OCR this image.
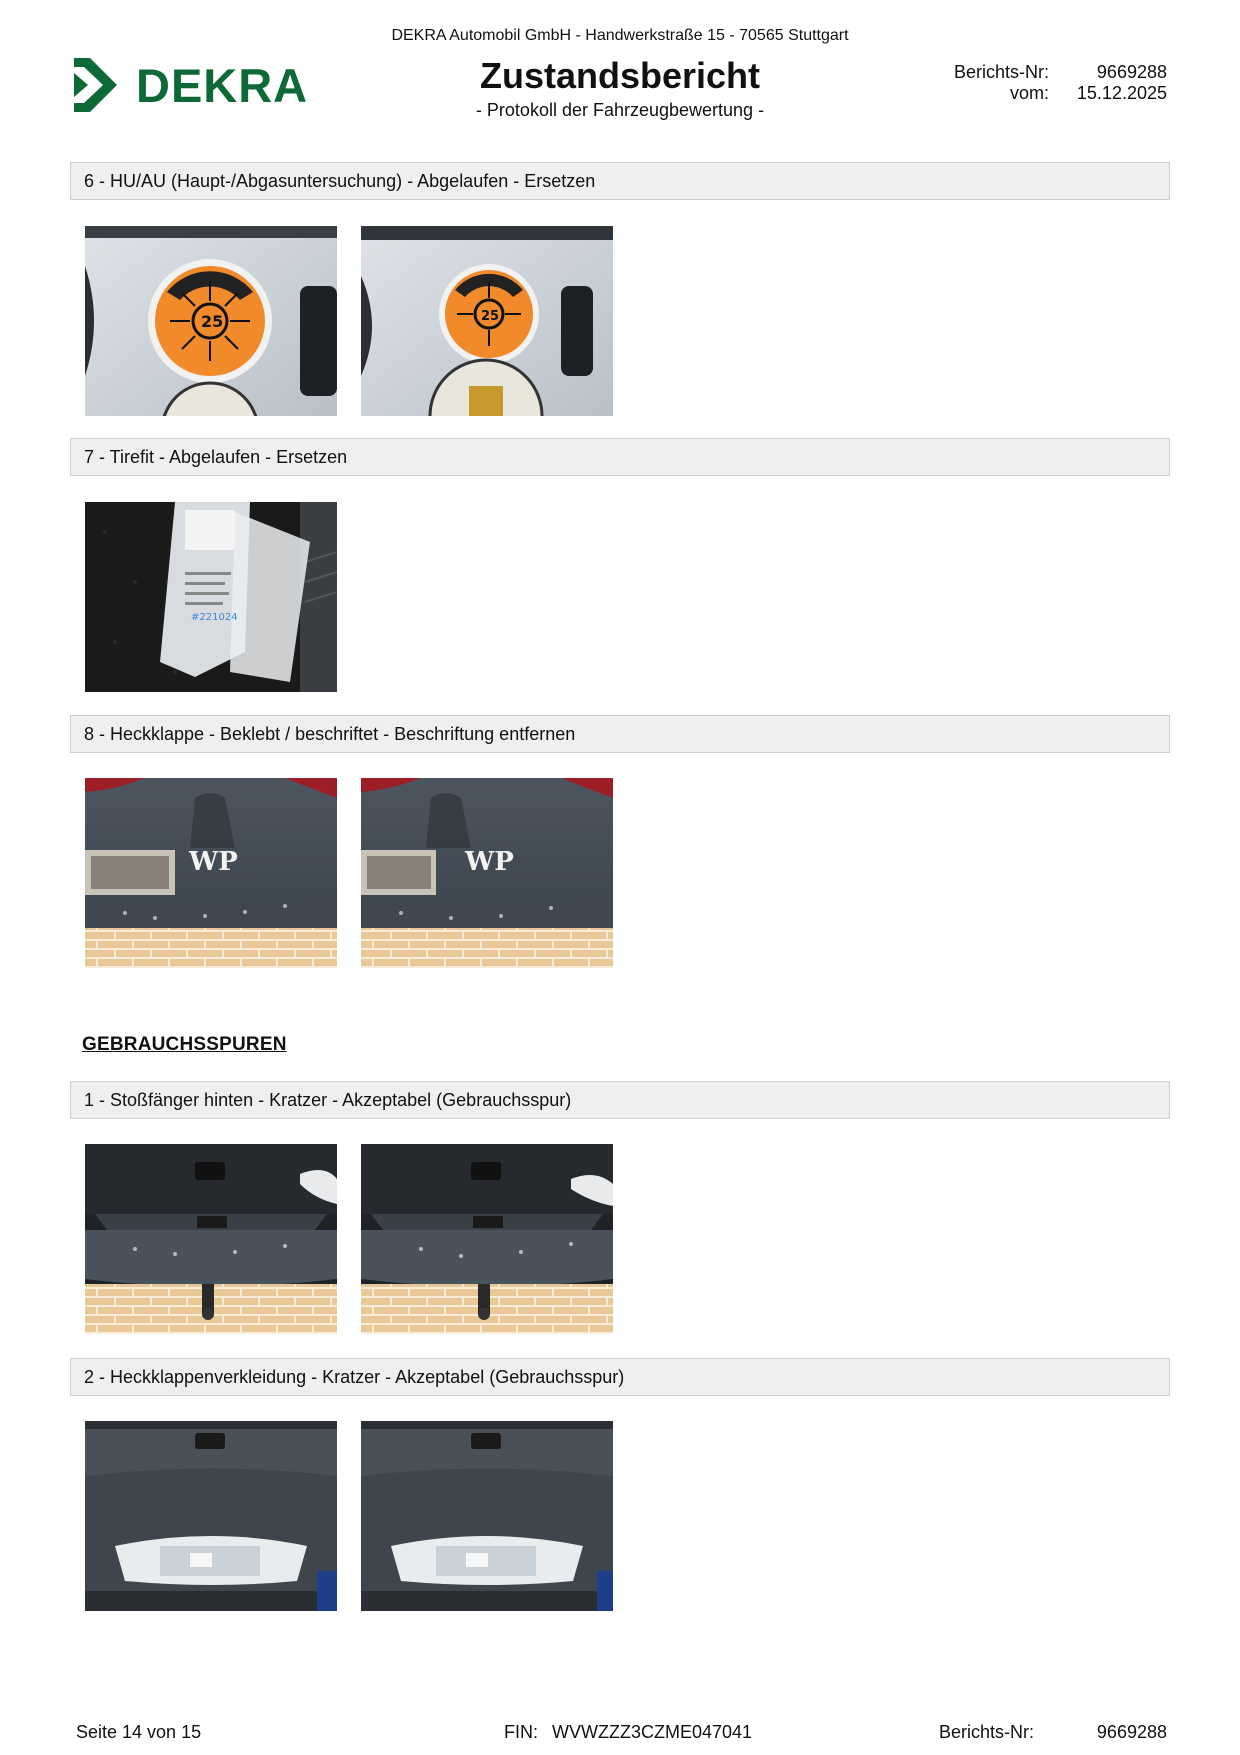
DEKRA Automobil GmbH - Handwerkstraße 15 - 70565 Stuttgart
DEKRA	Zustandsbericht
- Protokoll der Fahrzeugbewertung -
Berichts-Nr:	9669288
vom:	15.12.2025
6 - HU/AU (Haupt-/Abgasuntersuchung) - Abgelaufen - Ersetzen
25	25
7 - Tirefit - Abgelaufen - Ersetzen
#221024
8 - Heckklappe - Beklebt / beschriftet - Beschriftung entfernen
WP	WP
GEBRAUCHSSPUREN
1 - Stoßfänger hinten - Kratzer - Akzeptabel (Gebrauchsspur)
2 - Heckklappenverkleidung - Kratzer - Akzeptabel (Gebrauchsspur)
Seite 14 von 15	FIN: WVWZZZ3CZME047041	Berichts-Nr:	9669288
